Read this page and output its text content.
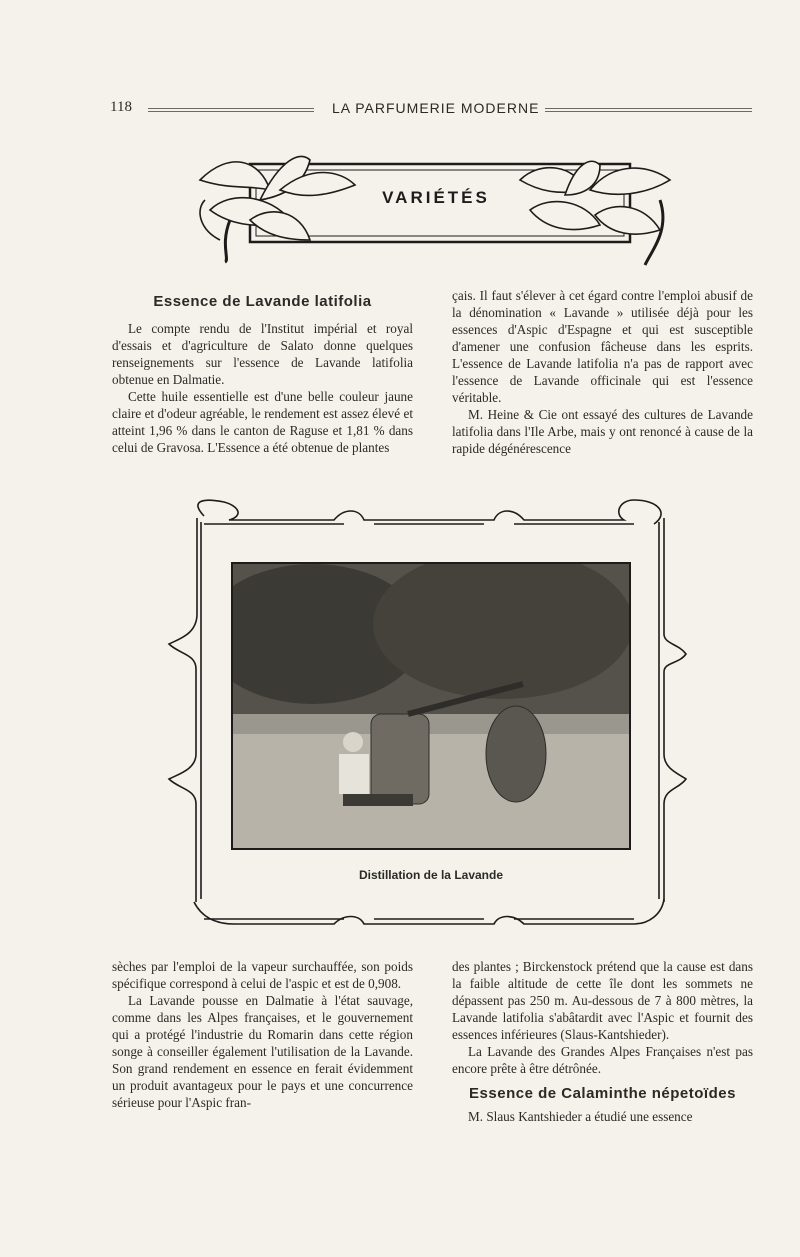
118	LA PARFUMERIE MODERNE
VARIÉTÉS
Essence de Lavande latifolia

Le compte rendu de l'Institut impérial et royal d'essais et d'agriculture de Salato donne quelques renseignements sur l'essence de Lavande latifolia obtenue en Dalmatie.

Cette huile essentielle est d'une belle couleur jaune claire et d'odeur agréable, le rendement est assez élevé et atteint 1,96 % dans le canton de Raguse et 1,81 % dans celui de Gravosa. L'Essence a été obtenue de plantes

çais. Il faut s'élever à cet égard contre l'emploi abusif de la dénomination « Lavande » utilisée déjà pour les essences d'Aspic d'Espagne et qui est susceptible d'amener une confusion fâcheuse dans les esprits. L'essence de Lavande latifolia n'a pas de rapport avec l'essence de Lavande officinale qui est l'essence véritable.

M. Heine & Cie ont essayé des cultures de Lavande latifolia dans l'Ile Arbe, mais y ont renoncé à cause de la rapide dégénérescence

Distillation de la Lavande

sèches par l'emploi de la vapeur surchauffée, son poids spécifique correspond à celui de l'aspic et est de 0,908.

La Lavande pousse en Dalmatie à l'état sauvage, comme dans les Alpes françaises, et le gouvernement qui a protégé l'industrie du Romarin dans cette région songe à conseiller également l'utilisation de la Lavande. Son grand rendement en essence en ferait évidemment un produit avantageux pour le pays et une concurrence sérieuse pour l'Aspic fran-

des plantes ; Birckenstock prétend que la cause est dans la faible altitude de cette île dont les sommets ne dépassent pas 250 m. Au-dessous de 7 à 800 mètres, la Lavande latifolia s'abâtardit avec l'Aspic et fournit des essences inférieures (Slaus-Kantshieder).

La Lavande des Grandes Alpes Françaises n'est pas encore prête à être détrônée.

Essence de Calaminthe népetoïdes

M. Slaus Kantshieder a étudié une essence
